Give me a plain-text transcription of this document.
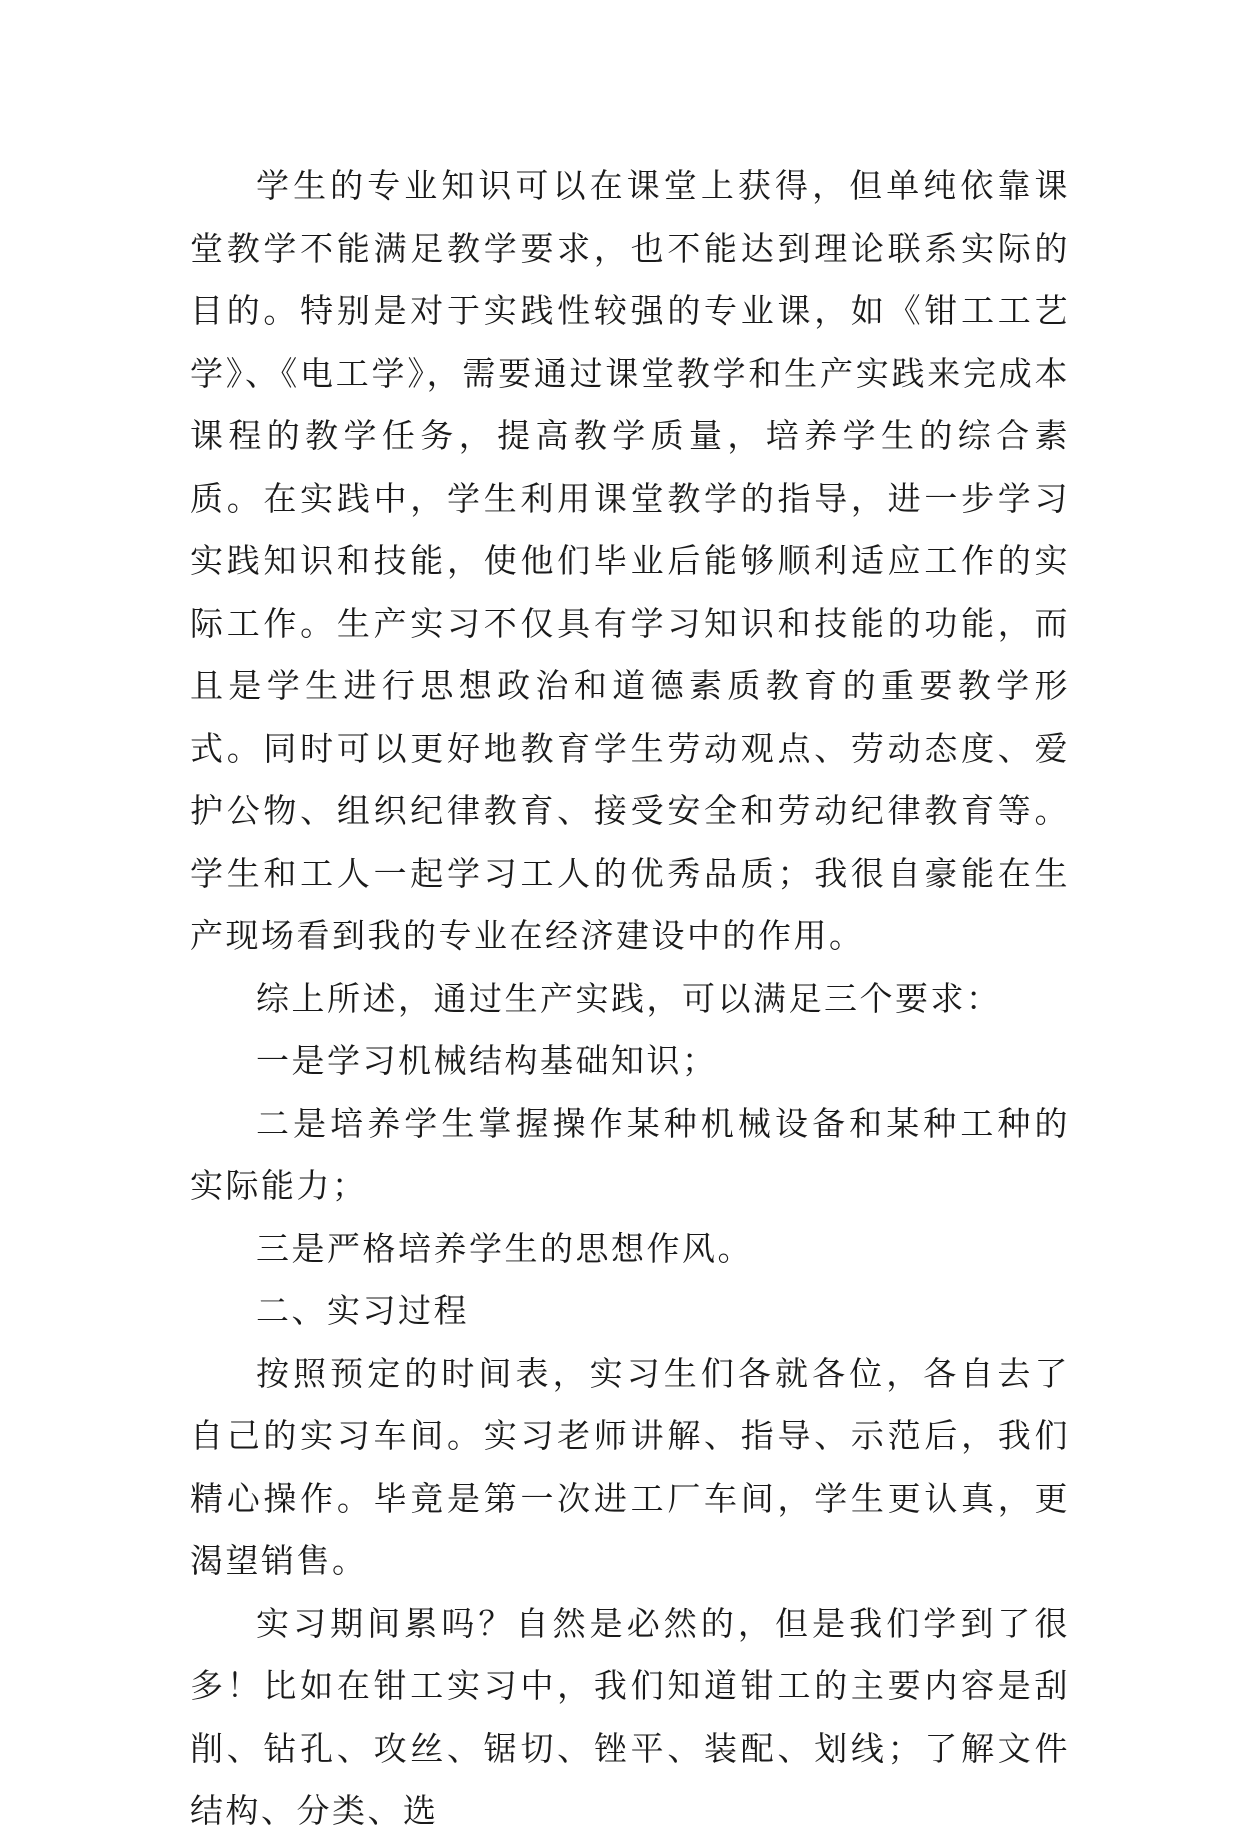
学生的专业知识可以在课堂上获得，但单纯依靠课堂教学不能满足教学要求，也不能达到理论联系实际的目的。特别是对于实践性较强的专业课，如《钳工工艺学》、《电工学》，需要通过课堂教学和生产实践来完成本课程的教学任务，提高教学质量，培养学生的综合素质。在实践中，学生利用课堂教学的指导，进一步学习实践知识和技能，使他们毕业后能够顺利适应工作的实际工作。生产实习不仅具有学习知识和技能的功能，而且是学生进行思想政治和道德素质教育的重要教学形式。同时可以更好地教育学生劳动观点、劳动态度、爱护公物、组织纪律教育、接受安全和劳动纪律教育等。学生和工人一起学习工人的优秀品质；我很自豪能在生产现场看到我的专业在经济建设中的作用。

综上所述，通过生产实践，可以满足三个要求：

一是学习机械结构基础知识；

二是培养学生掌握操作某种机械设备和某种工种的实际能力；

三是严格培养学生的思想作风。

二、实习过程

按照预定的时间表，实习生们各就各位，各自去了自己的实习车间。实习老师讲解、指导、示范后，我们精心操作。毕竟是第一次进工厂车间，学生更认真，更渴望销售。

实习期间累吗？自然是必然的，但是我们学到了很多！比如在钳工实习中，我们知道钳工的主要内容是刮削、钻孔、攻丝、锯切、锉平、装配、划线；了解文件结构、分类、选
